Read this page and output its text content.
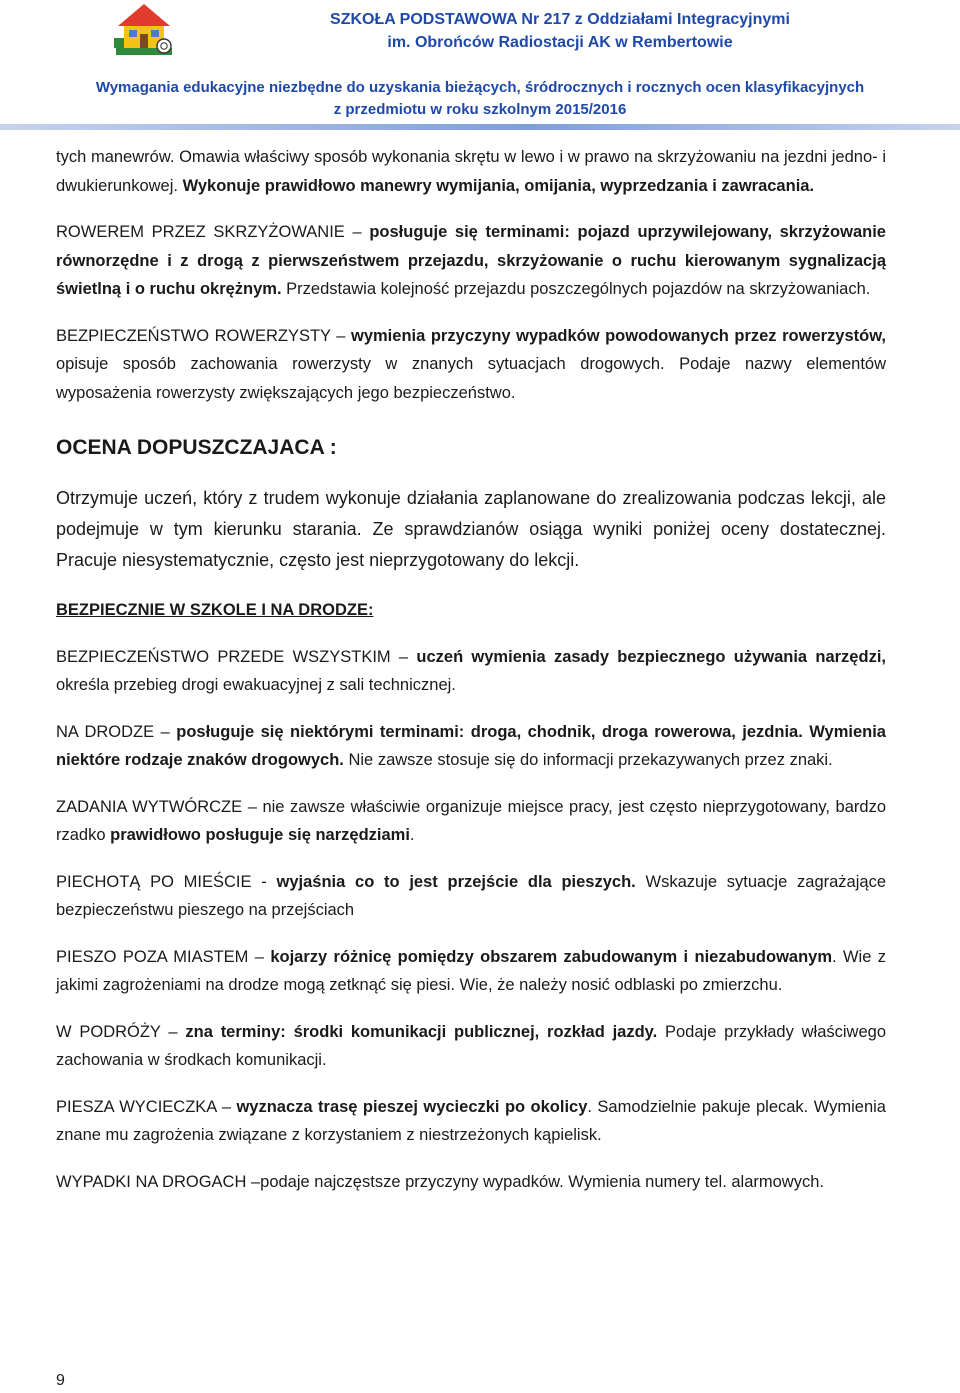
SZKOŁA PODSTAWOWA Nr 217 z Oddziałami Integracyjnymi
im. Obrońców Radiostacji AK w Rembertowie
Wymagania edukacyjne niezbędne do uzyskania bieżących, śródrocznych i rocznych ocen klasyfikacyjnych
z przedmiotu w roku szkolnym 2015/2016

tych manewrów. Omawia właściwy sposób wykonania skrętu w lewo i w prawo na skrzyżowaniu na jezdni jedno- i dwukierunkowej. Wykonuje prawidłowo manewry wymijania, omijania, wyprzedzania i zawracania.

ROWEREM PRZEZ SKRZYŻOWANIE – posługuje się terminami: pojazd uprzywilejowany, skrzyżowanie równorzędne i z drogą z pierwszeństwem przejazdu, skrzyżowanie o ruchu kierowanym sygnalizacją świetlną i o ruchu okrężnym. Przedstawia kolejność przejazdu poszczególnych pojazdów na skrzyżowaniach.

BEZPIECZEŃSTWO ROWERZYSTY – wymienia przyczyny wypadków powodowanych przez rowerzystów, opisuje sposób zachowania rowerzysty w znanych sytuacjach drogowych. Podaje nazwy elementów wyposażenia rowerzysty zwiększających jego bezpieczeństwo.

OCENA DOPUSZCZAJACA :

Otrzymuje uczeń, który z trudem wykonuje działania zaplanowane do zrealizowania podczas lekcji, ale podejmuje w tym kierunku starania. Ze sprawdzianów osiąga wyniki poniżej oceny dostatecznej. Pracuje niesystematycznie, często jest nieprzygotowany do lekcji.

BEZPIECZNIE W SZKOLE I NA DRODZE:

BEZPIECZEŃSTWO PRZEDE WSZYSTKIM – uczeń wymienia zasady bezpiecznego używania narzędzi, określa przebieg drogi ewakuacyjnej z sali technicznej.

NA DRODZE – posługuje się niektórymi terminami: droga, chodnik, droga rowerowa, jezdnia. Wymienia niektóre rodzaje znaków drogowych. Nie zawsze stosuje się do informacji przekazywanych przez znaki.

ZADANIA WYTWÓRCZE – nie zawsze właściwie organizuje miejsce pracy, jest często nieprzygotowany, bardzo rzadko prawidłowo posługuje się narzędziami.

PIECHOTĄ PO MIEŚCIE - wyjaśnia co to jest przejście dla pieszych. Wskazuje sytuacje zagrażające bezpieczeństwu pieszego na przejściach

PIESZO POZA MIASTEM – kojarzy różnicę pomiędzy obszarem zabudowanym i niezabudowanym. Wie z jakimi zagrożeniami na drodze mogą zetknąć się piesi. Wie, że należy nosić odblaski po zmierzchu.

W PODRÓŻY – zna terminy: środki komunikacji publicznej, rozkład jazdy. Podaje przykłady właściwego zachowania w środkach komunikacji.

PIESZA WYCIECZKA – wyznacza trasę pieszej wycieczki po okolicy. Samodzielnie pakuje plecak. Wymienia znane mu zagrożenia związane z korzystaniem z niestrzeżonych kąpielisk.

WYPADKI NA DROGACH –podaje najczęstsze przyczyny wypadków. Wymienia numery tel. alarmowych.

9
